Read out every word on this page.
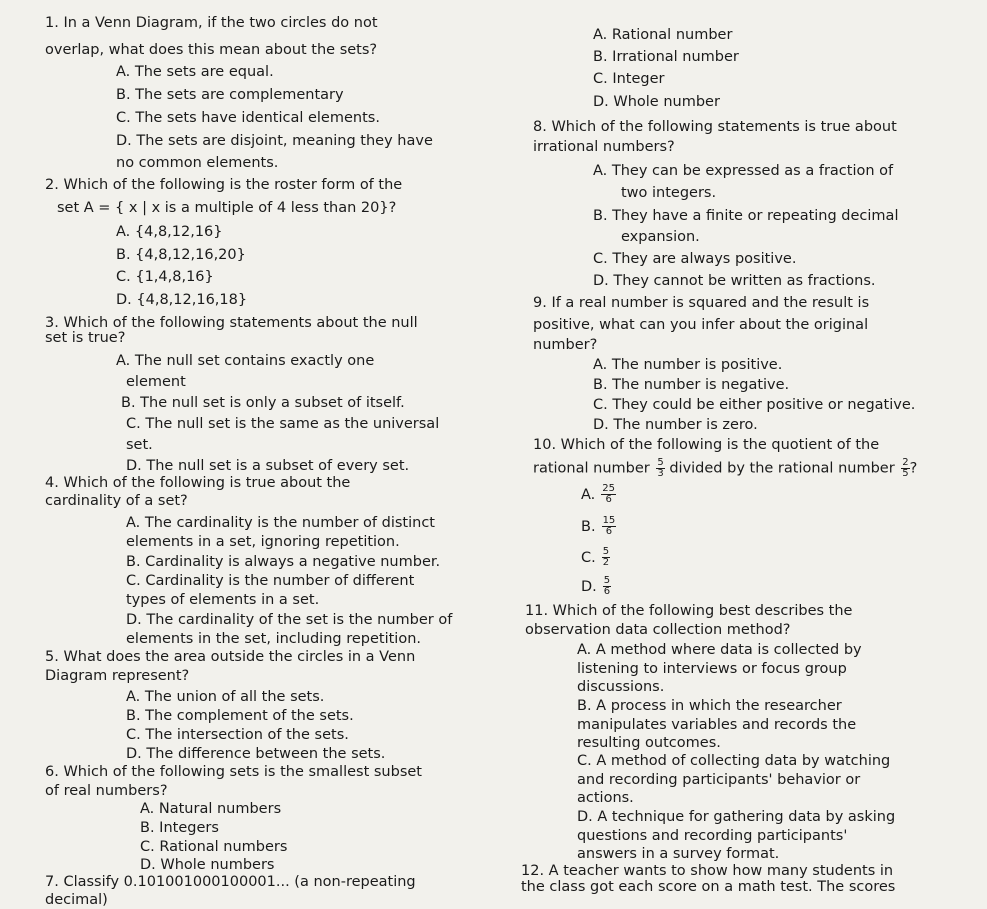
1. In a Venn Diagram, if the two circles do not
overlap, what does this mean about the sets?
A. The sets are equal.
B. The sets are complementary
C. The sets have identical elements.
D. The sets are disjoint, meaning they have
no common elements.
2. Which of the following is the roster form of the
set A = { x | x is a multiple of 4 less than 20}?
A. {4,8,12,16}
B. {4,8,12,16,20}
C. {1,4,8,16}
D. {4,8,12,16,18}
3. Which of the following statements about the null
set is true?
A. The null set contains exactly one
element
B. The null set is only a subset of itself.
C. The null set is the same as the universal
set.
D. The null set is a subset of every set.
4. Which of the following is true about the
cardinality of a set?
A. The cardinality is the number of distinct
elements in a set, ignoring repetition.
B. Cardinality is always a negative number.
C. Cardinality is the number of different
types of elements in a set.
D. The cardinality of the set is the number of
elements in the set, including repetition.
5. What does the area outside the circles in a Venn
Diagram represent?
A. The union of all the sets.
B. The complement of the sets.
C. The intersection of the sets.
D. The difference between the sets.
6. Which of the following sets is the smallest subset
of real numbers?
A. Natural numbers
B. Integers
C. Rational numbers
D. Whole numbers
7. Classify 0.101001000100001... (a non-repeating
decimal)
A. Rational number
B. Irrational number
C. Integer
D. Whole number
8. Which of the following statements is true about
irrational numbers?
A. They can be expressed as a fraction of
two integers.
B. They have a finite or repeating decimal
expansion.
C. They are always positive.
D. They cannot be written as fractions.
9. If a real number is squared and the result is
positive, what can you infer about the original
number?
A. The number is positive.
B. The number is negative.
C. They could be either positive or negative.
D. The number is zero.
10. Which of the following is the quotient of the
rational number $\frac{5}{3}$ divided by the rational number $\frac{2}{5}$ ?
A. $\frac{25}{6}$
B. $\frac{15}{6}$
C. $\frac{5}{2}$
D. $\frac{5}{6}$
11. Which of the following best describes the
observation data collection method?
A. A method where data is collected by
listening to interviews or focus group
discussions.
B. A process in which the researcher
manipulates variables and records the
resulting outcomes.
C. A method of collecting data by watching
and recording participants' behavior or
actions.
D. A technique for gathering data by asking
questions and recording participants'
answers in a survey format.
12. A teacher wants to show how many students in
the class got each score on a math test. The scores
